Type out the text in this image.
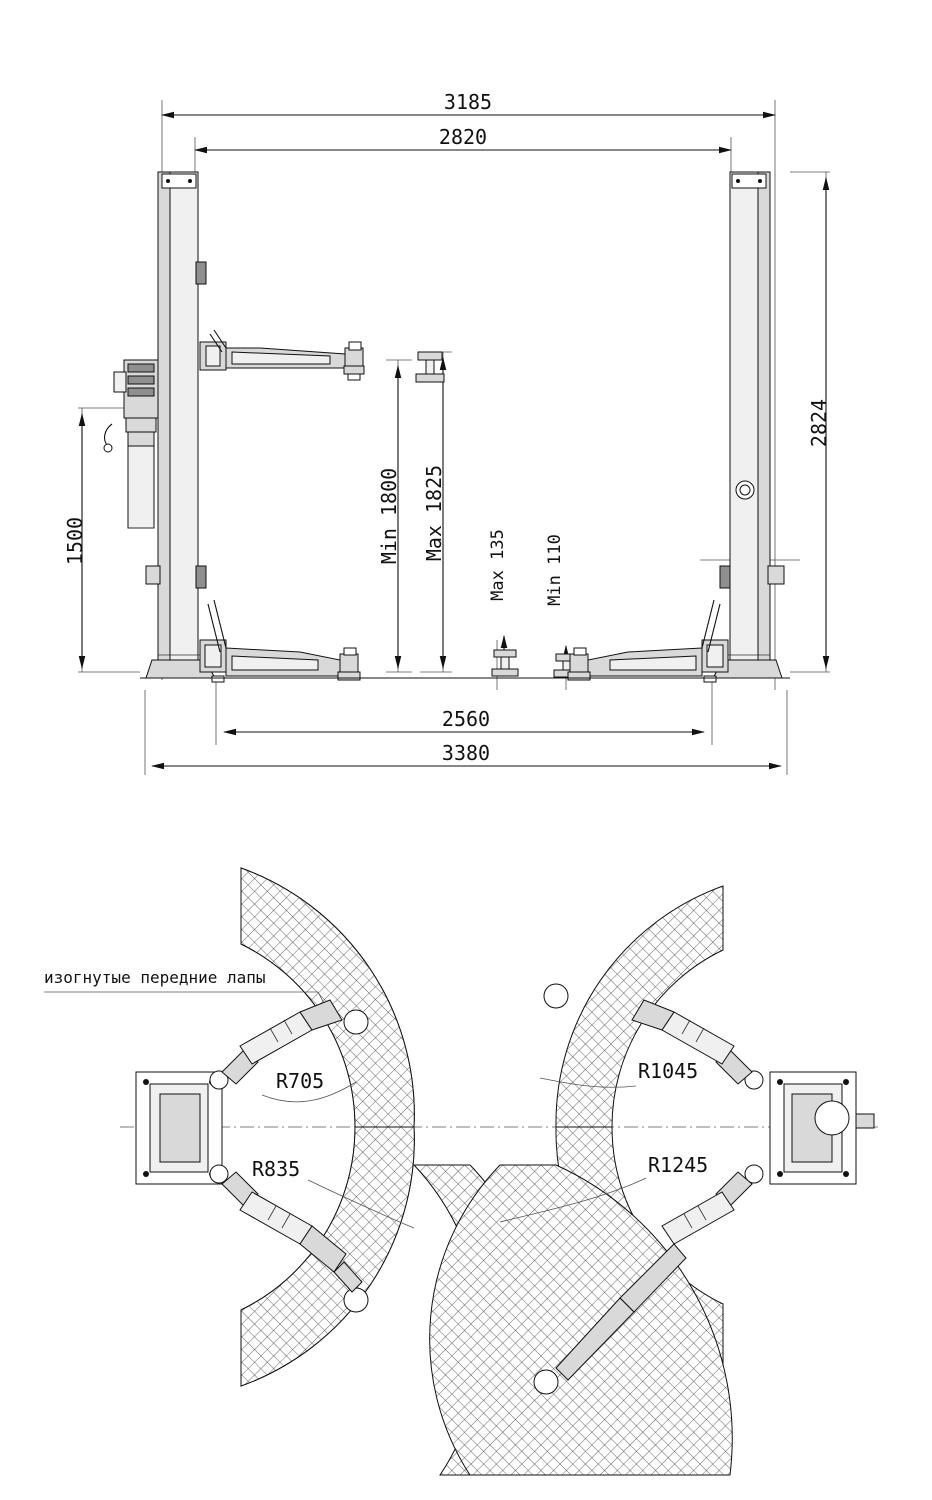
3185
2820
2824
1500	Min 1800 Max 1825
Max 135 Min 110
2560
3380
изогнутые передние лапы
R705
R835
R1045
R1245
